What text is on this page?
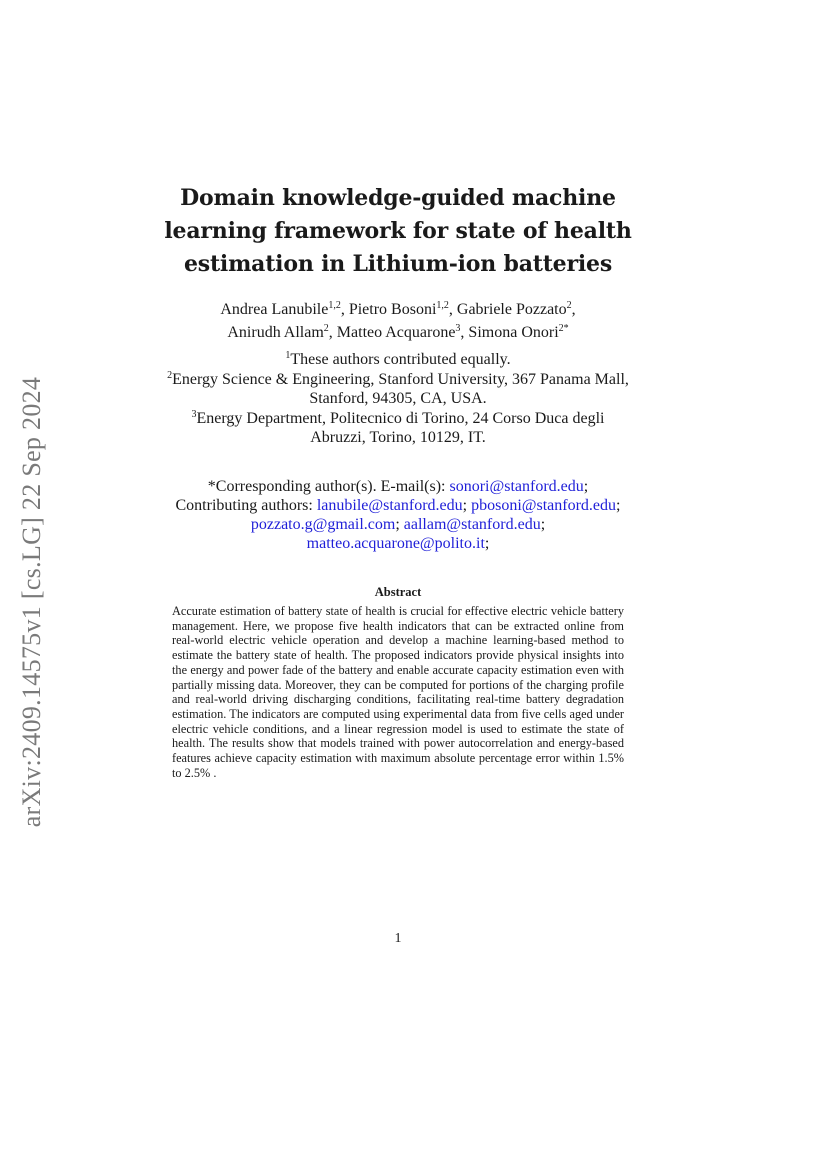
arXiv:2409.14575v1 [cs.LG] 22 Sep 2024
Domain knowledge-guided machine
learning framework for state of health
estimation in Lithium-ion batteries
Andrea Lanubile$^{1,2}$, Pietro Bosoni$^{1,2}$, Gabriele Pozzato$^2$,
Anirudh Allam$^2$, Matteo Acquarone$^3$, Simona Onori$^{2*}$
$^1$These authors contributed equally.
$^2$Energy Science & Engineering, Stanford University, 367 Panama Mall,
Stanford, 94305, CA, USA.
$^3$Energy Department, Politecnico di Torino, 24 Corso Duca degli
Abruzzi, Torino, 10129, IT.
*Corresponding author(s). E-mail(s): sonori@stanford.edu;
Contributing authors: lanubile@stanford.edu; pbosoni@stanford.edu;
pozzato.g@gmail.com; aallam@stanford.edu;
matteo.acquarone@polito.it;
Abstract
Accurate estimation of battery state of health is crucial for effective electric vehicle battery management. Here, we propose five health indicators that can be extracted online from real-world electric vehicle operation and develop a machine learning-based method to estimate the battery state of health. The proposed indicators provide physical insights into the energy and power fade of the battery and enable accurate capacity estimation even with partially missing data. Moreover, they can be computed for portions of the charging profile and real-world driving discharging conditions, facilitating real-time battery degradation estimation. The indicators are computed using experimental data from five cells aged under electric vehicle conditions, and a linear regression model is used to estimate the state of health. The results show that models trained with power autocorrelation and energy-based features achieve capacity estimation with maximum absolute percentage error within 1.5% to 2.5% .
1
